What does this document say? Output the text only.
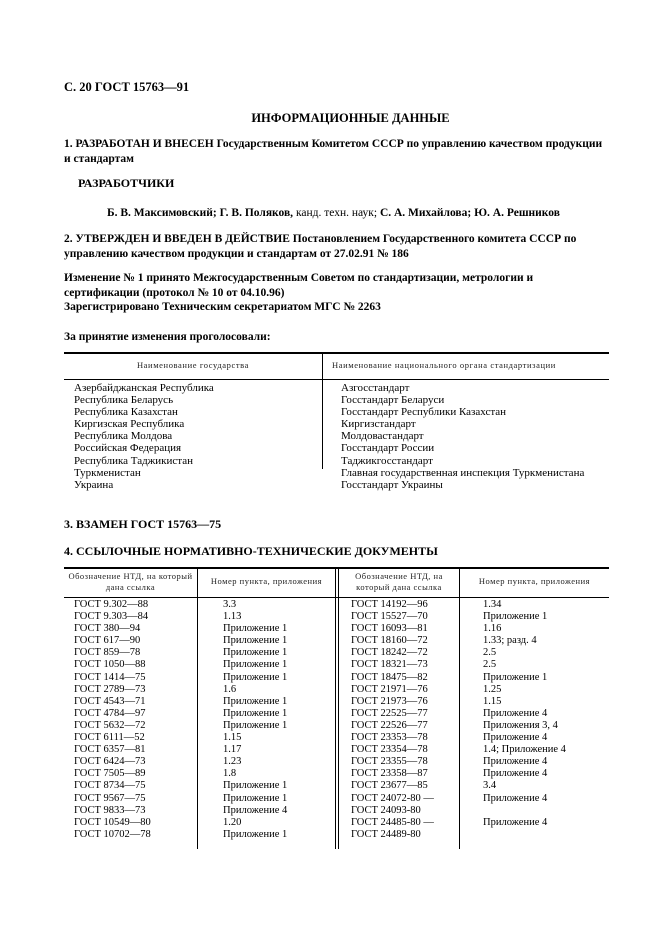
С. 20 ГОСТ 15763—91
ИНФОРМАЦИОННЫЕ ДАННЫЕ
1. РАЗРАБОТАН И ВНЕСЕН Государственным Комитетом СССР по управлению качеством продукции и стандартам
РАЗРАБОТЧИКИ
Б. В. Максимовский; Г. В. Поляков, канд. техн. наук; С. А. Михайлова; Ю. А. Решников
2. УТВЕРЖДЕН И ВВЕДЕН В ДЕЙСТВИЕ Постановлением Государственного комитета СССР по управлению качеством продукции и стандартам от 27.02.91 № 186
Изменение № 1 принято Межгосударственным Советом по стандартизации, метрологии и сертификации (протокол № 10 от 04.10.96)
Зарегистрировано Техническим секретариатом МГС № 2263
За принятие изменения проголосовали:
Наименование государства	Наименование национального органа стандартизации
Азербайджанская Республика
Республика Беларусь
Республика Казахстан
Киргизская Республика
Республика Молдова
Российская Федерация
Республика Таджикистан
Туркменистан
Украина
Азгосстандарт
Госстандарт Беларуси
Госстандарт Республики Казахстан
Киргизстандарт
Молдовастандарт
Госстандарт России
Таджикгосстандарт
Главная государственная инспекция Туркменистана
Госстандарт Украины
3. ВЗАМЕН ГОСТ 15763—75
4. ССЫЛОЧНЫЕ НОРМАТИВНО-ТЕХНИЧЕСКИЕ ДОКУМЕНТЫ
Обозначение НТД, на который дана ссылка
Номер пункта, приложения	Обозначение НТД, на который дана ссылка
Номер пункта, приложения
ГОСТ 9.302—88
ГОСТ 9.303—84
ГОСТ 380—94
ГОСТ 617—90
ГОСТ 859—78
ГОСТ 1050—88
ГОСТ 1414—75
ГОСТ 2789—73
ГОСТ 4543—71
ГОСТ 4784—97
ГОСТ 5632—72
ГОСТ 6111—52
ГОСТ 6357—81
ГОСТ 6424—73
ГОСТ 7505—89
ГОСТ 8734—75
ГОСТ 9567—75
ГОСТ 9833—73
ГОСТ 10549—80
ГОСТ 10702—78
3.3
1.13
Приложение 1
Приложение 1
Приложение 1
Приложение 1
Приложение 1
1.6
Приложение 1
Приложение 1
Приложение 1
1.15
1.17
1.23
1.8
Приложение 1
Приложение 1
Приложение 4
1.20
Приложение 1
ГОСТ 14192—96
ГОСТ 15527—70
ГОСТ 16093—81
ГОСТ 18160—72
ГОСТ 18242—72
ГОСТ 18321—73
ГОСТ 18475—82
ГОСТ 21971—76
ГОСТ 21973—76
ГОСТ 22525—77
ГОСТ 22526—77
ГОСТ 23353—78
ГОСТ 23354—78
ГОСТ 23355—78
ГОСТ 23358—87
ГОСТ 23677—85
ГОСТ 24072-80 —
ГОСТ 24093-80
ГОСТ 24485-80 —
ГОСТ 24489-80
1.34
Приложение 1
1.16
1.33; разд. 4
2.5
2.5
Приложение 1
1.25
1.15
Приложение 4
Приложения 3, 4
Приложение 4
1.4; Приложение 4
Приложение 4
Приложение 4
3.4
Приложение 4
Приложение 4
